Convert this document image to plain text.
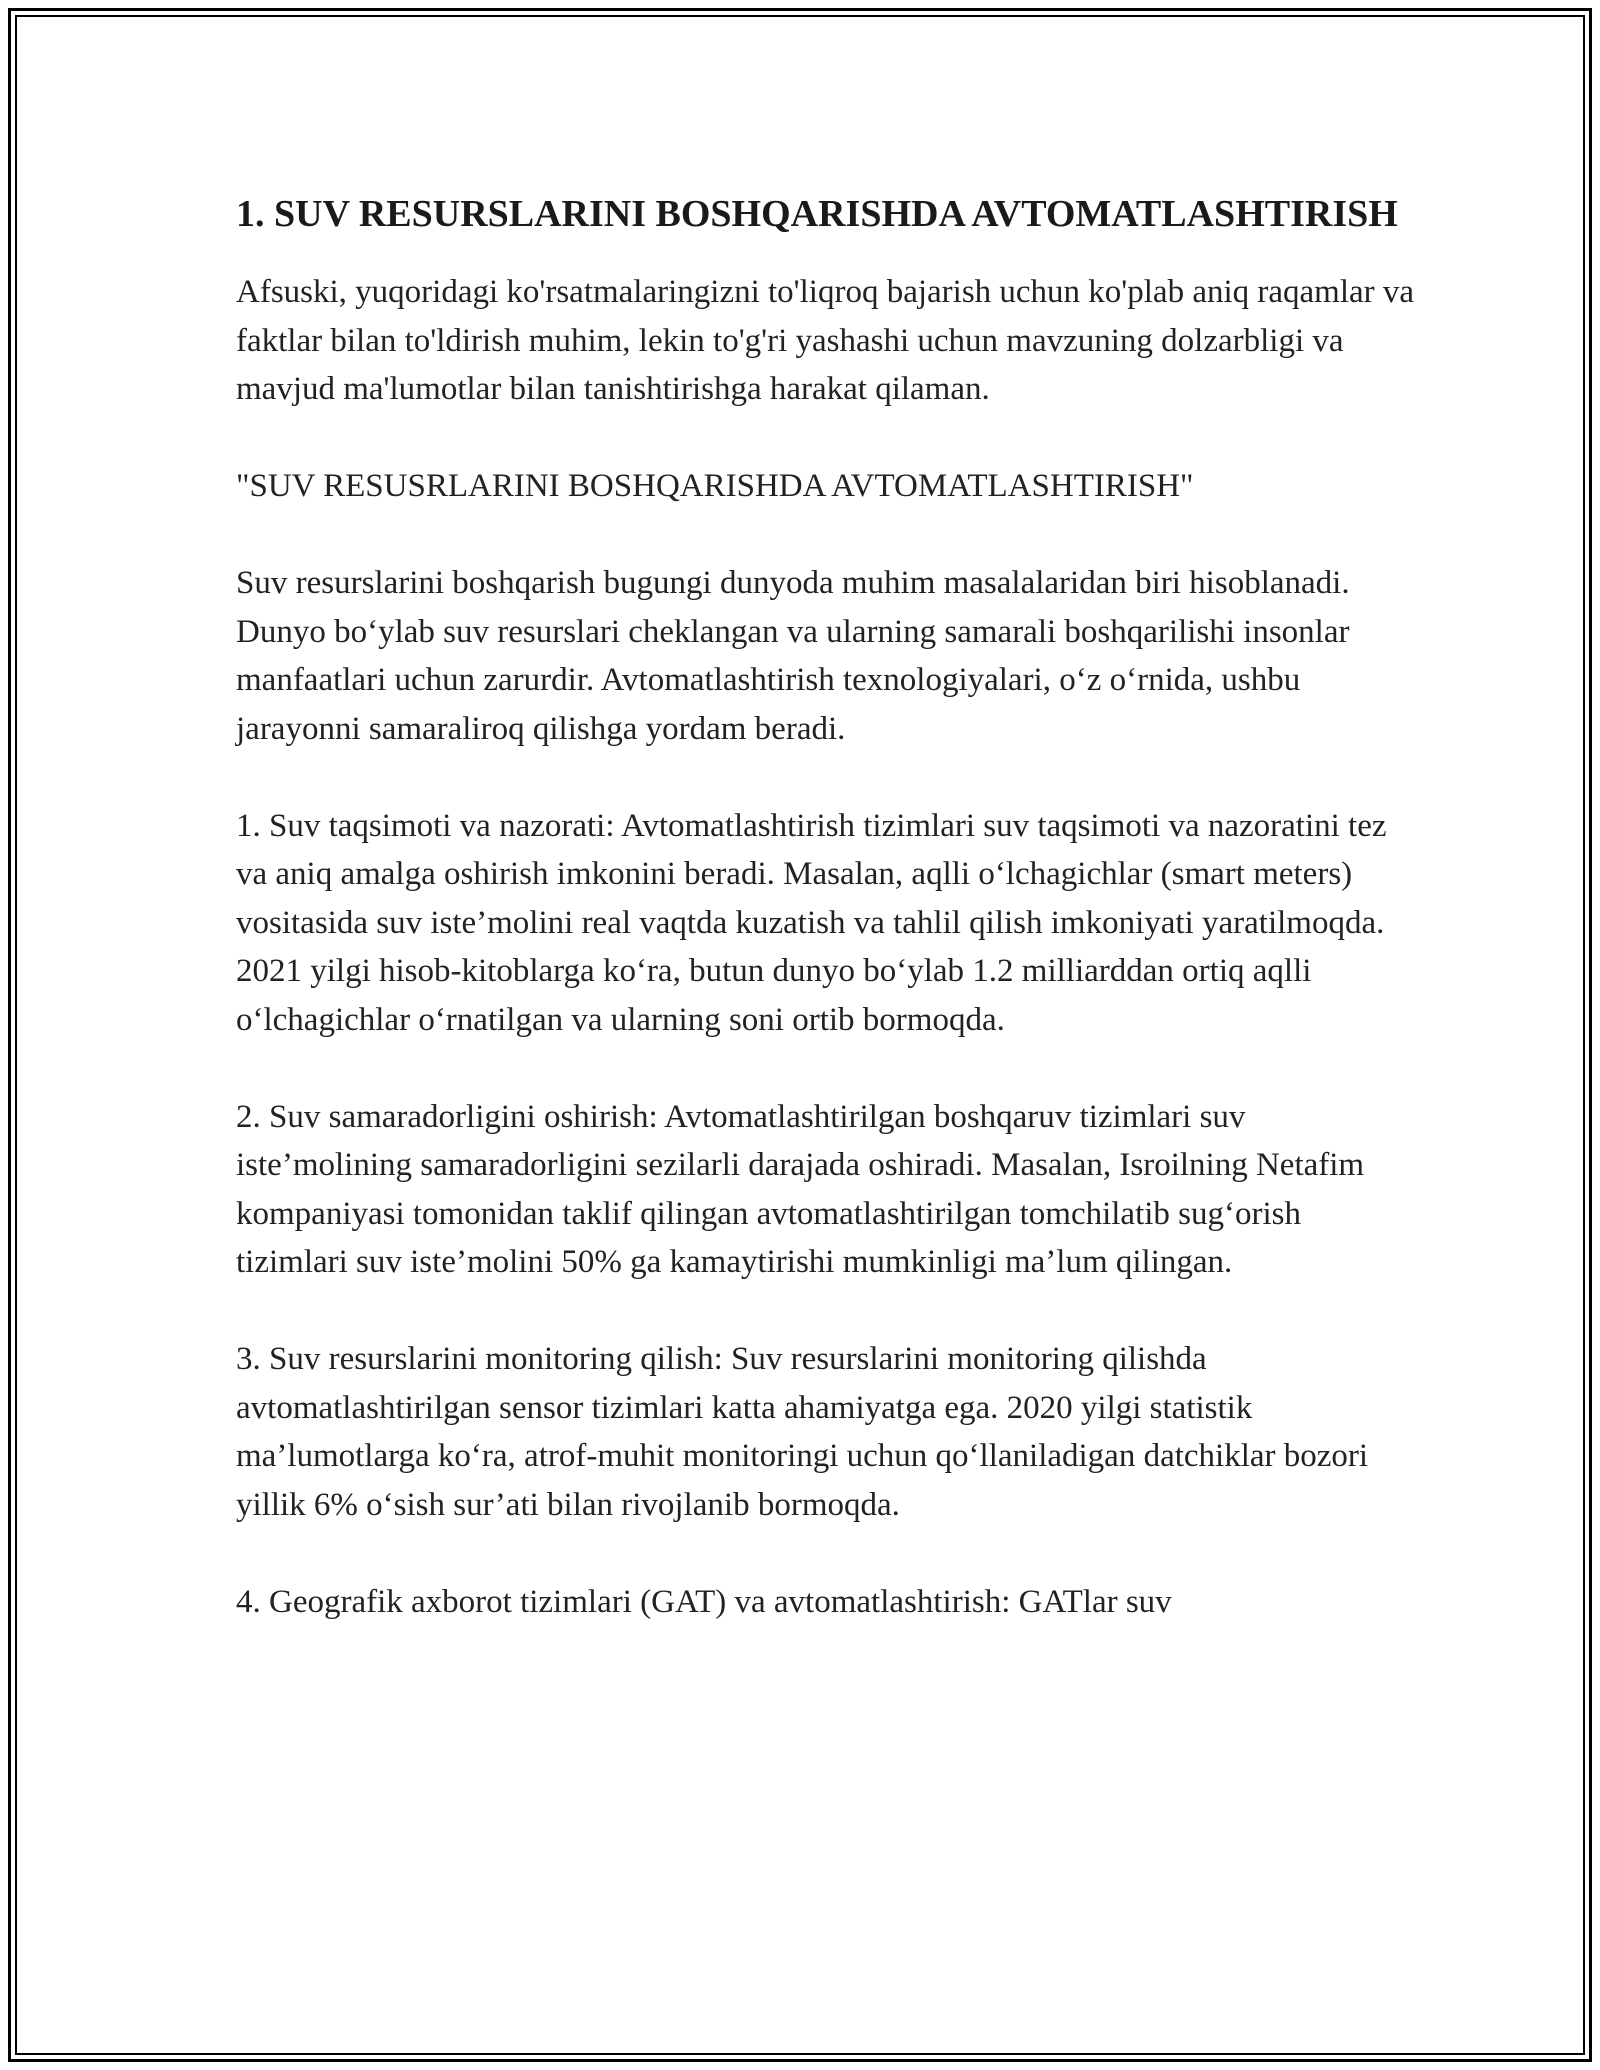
1. SUV RESURSLARINI BOSHQARISHDA AVTOMATLASHTIRISH

Afsuski, yuqoridagi ko'rsatmalaringizni to'liqroq bajarish uchun ko'plab aniq raqamlar va faktlar bilan to'ldirish muhim, lekin to'g'ri yashashi uchun mavzuning dolzarbligi va mavjud ma'lumotlar bilan tanishtirishga harakat qilaman.

"SUV RESUSRLARINI BOSHQARISHDA AVTOMATLASHTIRISH"

Suv resurslarini boshqarish bugungi dunyoda muhim masalalaridan biri hisoblanadi. Dunyo bo‘ylab suv resurslari cheklangan va ularning samarali boshqarilishi insonlar manfaatlari uchun zarurdir. Avtomatlashtirish texnologiyalari, o‘z o‘rnida, ushbu jarayonni samaraliroq qilishga yordam beradi.

1. Suv taqsimoti va nazorati: Avtomatlashtirish tizimlari suv taqsimoti va nazoratini tez va aniq amalga oshirish imkonini beradi. Masalan, aqlli o‘lchagichlar (smart meters) vositasida suv iste’molini real vaqtda kuzatish va tahlil qilish imkoniyati yaratilmoqda. 2021 yilgi hisob-kitoblarga ko‘ra, butun dunyo bo‘ylab 1.2 milliarddan ortiq aqlli o‘lchagichlar o‘rnatilgan va ularning soni ortib bormoqda.

2. Suv samaradorligini oshirish: Avtomatlashtirilgan boshqaruv tizimlari suv iste’molining samaradorligini sezilarli darajada oshiradi. Masalan, Isroilning Netafim kompaniyasi tomonidan taklif qilingan avtomatlashtirilgan tomchilatib sug‘orish tizimlari suv iste’molini 50% ga kamaytirishi mumkinligi ma’lum qilingan.

3. Suv resurslarini monitoring qilish: Suv resurslarini monitoring qilishda avtomatlashtirilgan sensor tizimlari katta ahamiyatga ega. 2020 yilgi statistik ma’lumotlarga ko‘ra, atrof-muhit monitoringi uchun qo‘llaniladigan datchiklar bozori yillik 6% o‘sish sur’ati bilan rivojlanib bormoqda.

4. Geografik axborot tizimlari (GAT) va avtomatlashtirish: GATlar suv
